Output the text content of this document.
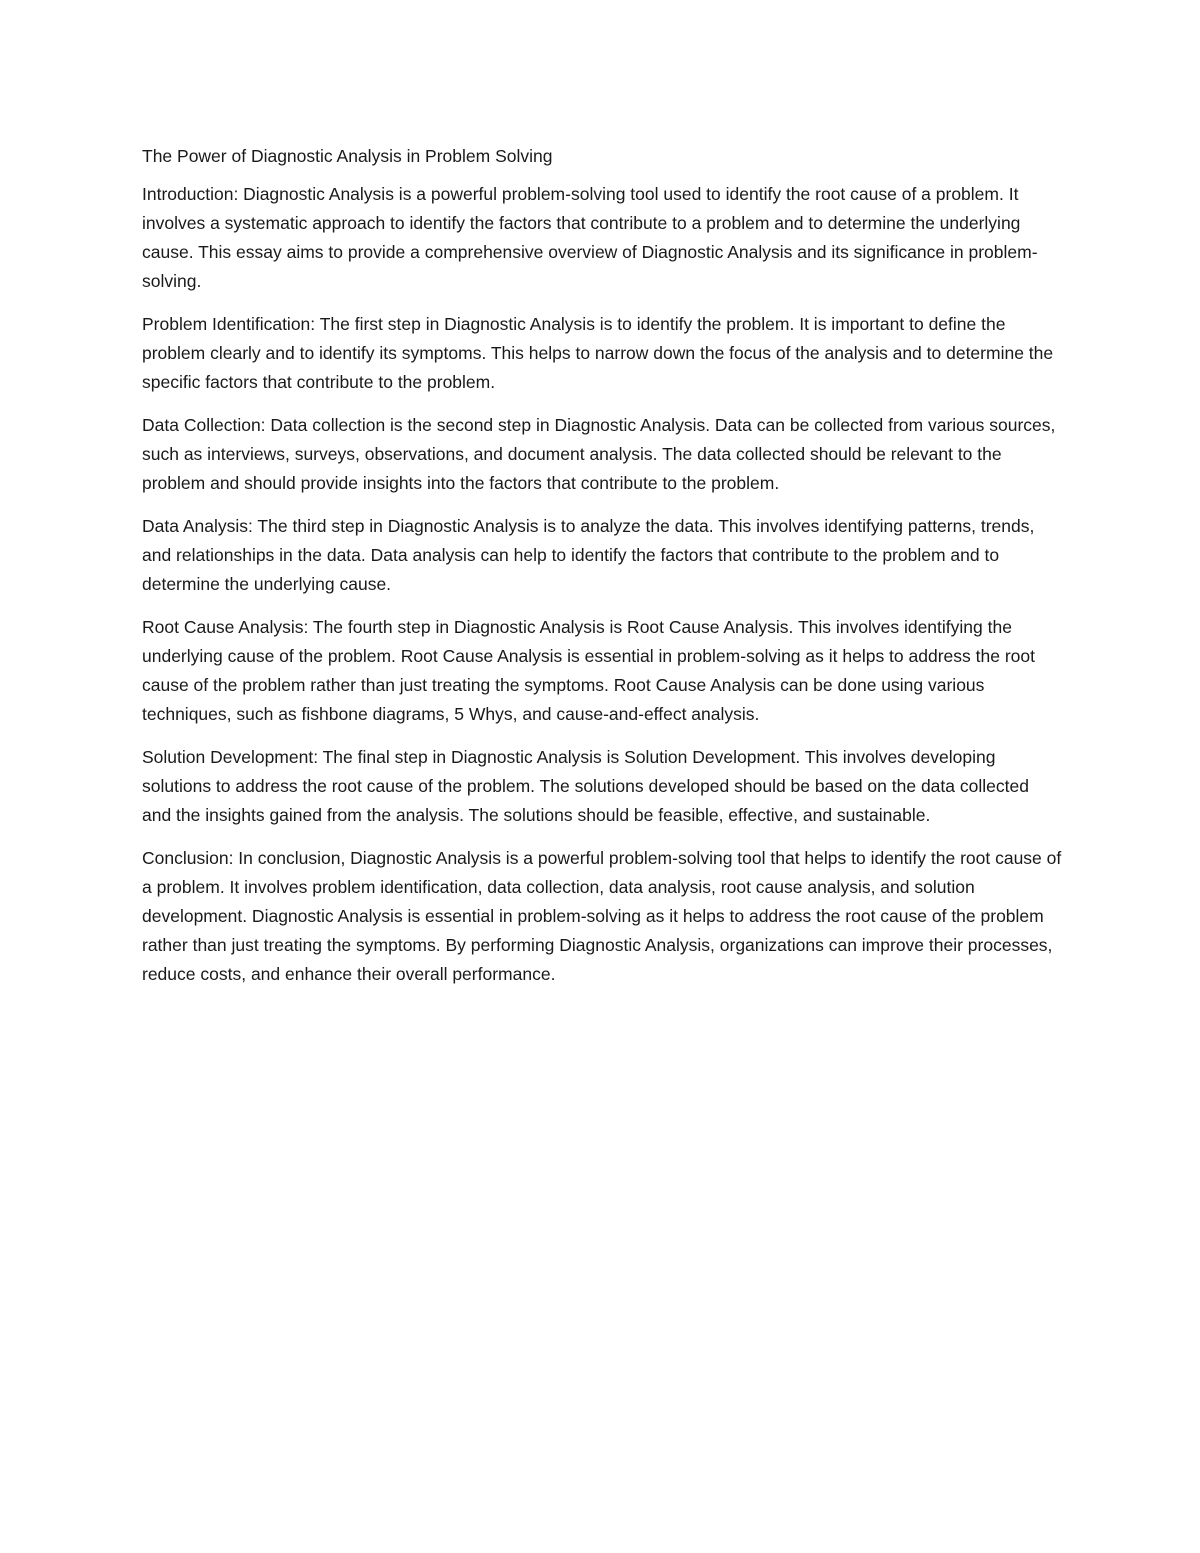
The Power of Diagnostic Analysis in Problem Solving

Introduction: Diagnostic Analysis is a powerful problem-solving tool used to identify the root cause of a problem. It involves a systematic approach to identify the factors that contribute to a problem and to determine the underlying cause. This essay aims to provide a comprehensive overview of Diagnostic Analysis and its significance in problem-solving.

Problem Identification: The first step in Diagnostic Analysis is to identify the problem. It is important to define the problem clearly and to identify its symptoms. This helps to narrow down the focus of the analysis and to determine the specific factors that contribute to the problem.

Data Collection: Data collection is the second step in Diagnostic Analysis. Data can be collected from various sources, such as interviews, surveys, observations, and document analysis. The data collected should be relevant to the problem and should provide insights into the factors that contribute to the problem.

Data Analysis: The third step in Diagnostic Analysis is to analyze the data. This involves identifying patterns, trends, and relationships in the data. Data analysis can help to identify the factors that contribute to the problem and to determine the underlying cause.

Root Cause Analysis: The fourth step in Diagnostic Analysis is Root Cause Analysis. This involves identifying the underlying cause of the problem. Root Cause Analysis is essential in problem-solving as it helps to address the root cause of the problem rather than just treating the symptoms. Root Cause Analysis can be done using various techniques, such as fishbone diagrams, 5 Whys, and cause-and-effect analysis.

Solution Development: The final step in Diagnostic Analysis is Solution Development. This involves developing solutions to address the root cause of the problem. The solutions developed should be based on the data collected and the insights gained from the analysis. The solutions should be feasible, effective, and sustainable.

Conclusion: In conclusion, Diagnostic Analysis is a powerful problem-solving tool that helps to identify the root cause of a problem. It involves problem identification, data collection, data analysis, root cause analysis, and solution development. Diagnostic Analysis is essential in problem-solving as it helps to address the root cause of the problem rather than just treating the symptoms. By performing Diagnostic Analysis, organizations can improve their processes, reduce costs, and enhance their overall performance.
